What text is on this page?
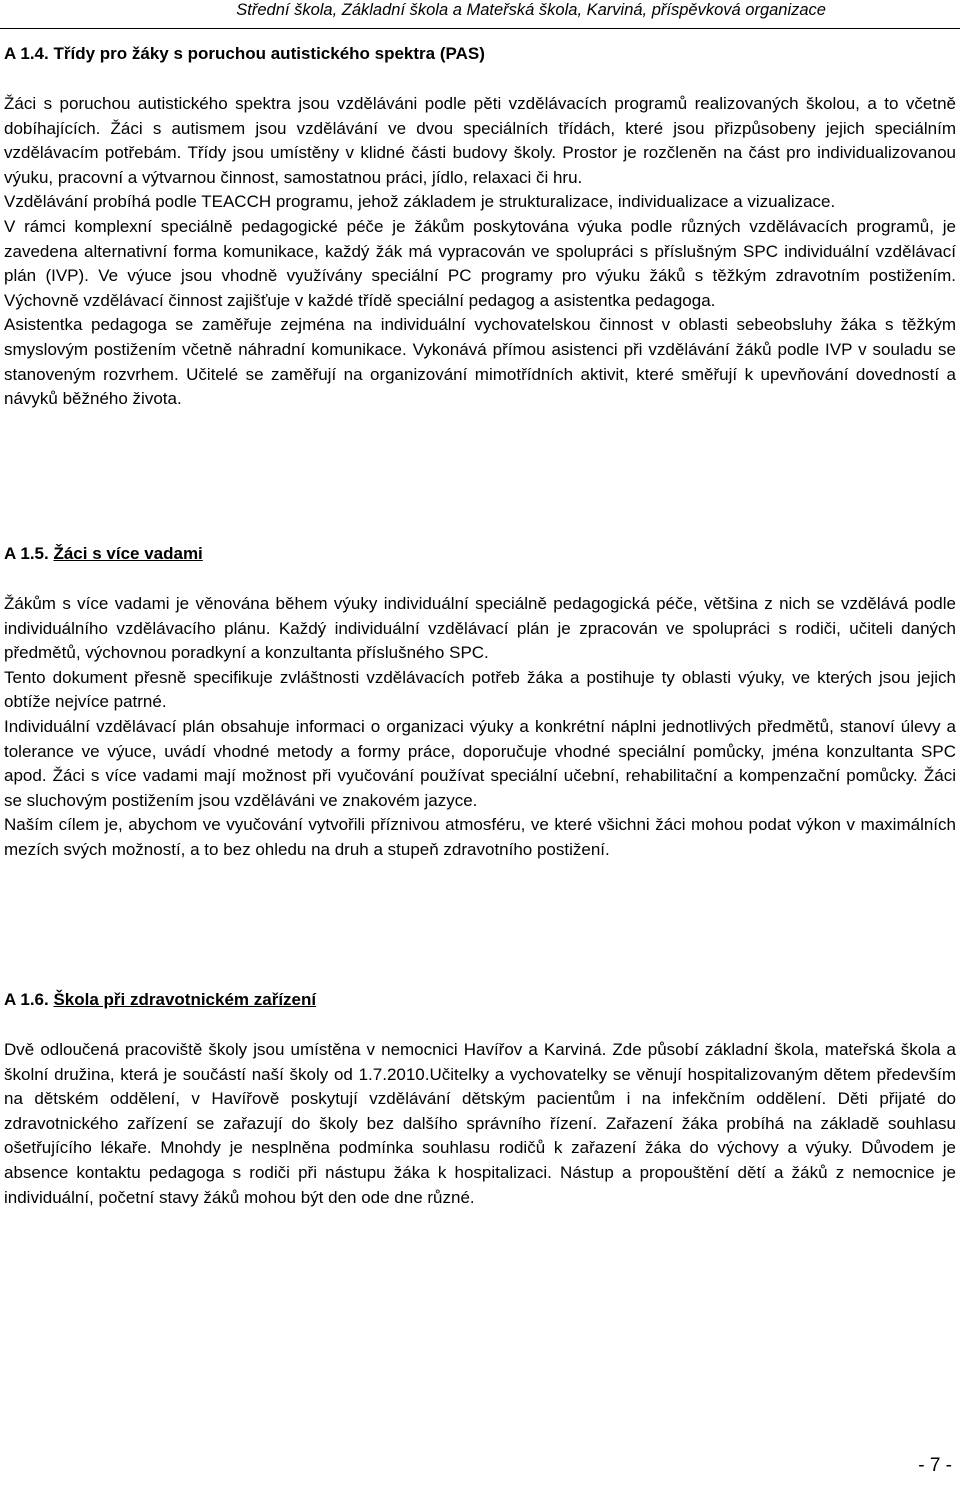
Střední škola, Základní škola a Mateřská škola, Karviná, příspěvková organizace
A 1.4. Třídy pro žáky s poruchou autistického spektra (PAS)

Žáci s poruchou autistického spektra jsou vzděláváni podle pěti vzdělávacích programů realizovaných školou, a to včetně dobíhajících. Žáci s autismem jsou vzdělávání ve dvou speciálních třídách, které jsou přizpůsobeny jejich speciálním vzdělávacím potřebám. Třídy jsou umístěny v klidné části budovy školy. Prostor je rozčleněn na část pro individualizovanou výuku, pracovní a výtvarnou činnost, samostatnou práci, jídlo, relaxaci či hru.

Vzdělávání probíhá podle TEACCH programu, jehož základem je strukturalizace, individualizace a vizualizace.

V rámci komplexní speciálně pedagogické péče je žákům poskytována výuka podle různých vzdělávacích programů, je zavedena alternativní forma komunikace, každý žák má vypracován ve spolupráci s příslušným SPC individuální vzdělávací plán (IVP). Ve výuce jsou vhodně využívány speciální PC programy pro výuku žáků s těžkým zdravotním postižením. Výchovně vzdělávací činnost zajišťuje v každé třídě speciální pedagog a asistentka pedagoga.

Asistentka pedagoga se zaměřuje zejména na individuální vychovatelskou činnost v oblasti sebeobsluhy žáka s těžkým smyslovým postižením včetně náhradní komunikace. Vykonává přímou asistenci při vzdělávání žáků podle IVP v souladu se stanoveným rozvrhem. Učitelé se zaměřují na organizování mimotřídních aktivit, které směřují k upevňování dovedností a návyků běžného života.

A 1.5. Žáci s více vadami

Žákům s více vadami je věnována během výuky individuální speciálně pedagogická péče, většina z nich se vzdělává podle individuálního vzdělávacího plánu. Každý individuální vzdělávací plán je zpracován ve spolupráci s rodiči, učiteli daných předmětů, výchovnou poradkyní a konzultanta příslušného SPC.

Tento dokument přesně specifikuje zvláštnosti vzdělávacích potřeb žáka a postihuje ty oblasti výuky, ve kterých jsou jejich obtíže nejvíce patrné.

Individuální vzdělávací plán obsahuje informaci o organizaci výuky a konkrétní náplni jednotlivých předmětů, stanoví úlevy a tolerance ve výuce, uvádí vhodné metody a formy práce, doporučuje vhodné speciální pomůcky, jména konzultanta SPC apod. Žáci s více vadami mají možnost při vyučování používat speciální učební, rehabilitační a kompenzační pomůcky. Žáci se sluchovým postižením jsou vzděláváni ve znakovém jazyce.

Naším cílem je, abychom ve vyučování vytvořili příznivou atmosféru, ve které všichni žáci mohou podat výkon v maximálních mezích svých možností, a to bez ohledu na druh a stupeň zdravotního postižení.

A 1.6. Škola při zdravotnickém zařízení

Dvě odloučená pracoviště školy jsou umístěna v nemocnici Havířov a Karviná. Zde působí základní škola, mateřská škola a školní družina, která je součástí naší školy od 1.7.2010.Učitelky a vychovatelky se věnují hospitalizovaným dětem především na dětském oddělení, v Havířově poskytují vzdělávání dětským pacientům i na infekčním oddělení. Děti přijaté do zdravotnického zařízení se zařazují do školy bez dalšího správního řízení. Zařazení žáka probíhá na základě souhlasu ošetřujícího lékaře. Mnohdy je nesplněna podmínka souhlasu rodičů k zařazení žáka do výchovy a výuky. Důvodem je absence kontaktu pedagoga s rodiči při nástupu žáka k hospitalizaci. Nástup a propouštění dětí a žáků z nemocnice je individuální, početní stavy žáků mohou být den ode dne různé.

- 7 -
